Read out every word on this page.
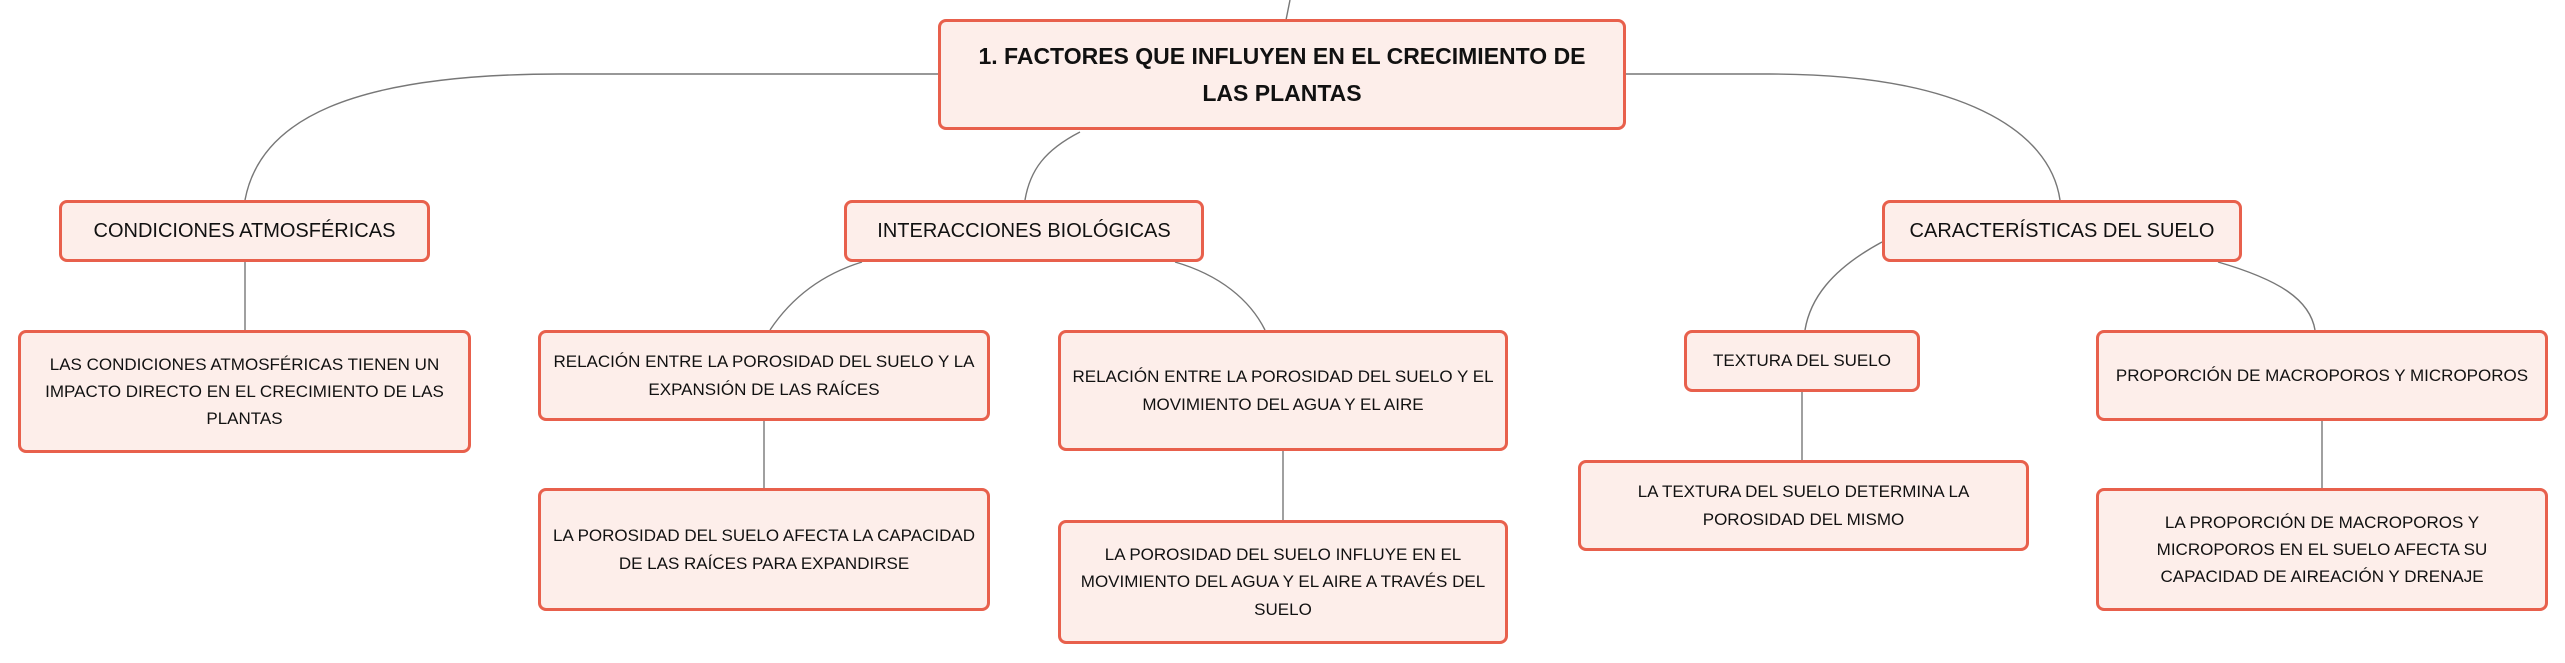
1. FACTORES QUE INFLUYEN EN EL CRECIMIENTO DE LAS PLANTAS
CONDICIONES ATMOSFÉRICAS
LAS CONDICIONES ATMOSFÉRICAS TIENEN UN IMPACTO DIRECTO EN EL CRECIMIENTO DE LAS PLANTAS
INTERACCIONES BIOLÓGICAS
RELACIÓN ENTRE LA POROSIDAD DEL SUELO Y LA EXPANSIÓN DE LAS RAÍCES
LA POROSIDAD DEL SUELO AFECTA LA CAPACIDAD DE LAS RAÍCES PARA EXPANDIRSE
RELACIÓN ENTRE LA POROSIDAD DEL SUELO Y EL MOVIMIENTO DEL AGUA Y EL AIRE
LA POROSIDAD DEL SUELO INFLUYE EN EL MOVIMIENTO DEL AGUA Y EL AIRE A TRAVÉS DEL SUELO
CARACTERÍSTICAS DEL SUELO
TEXTURA DEL SUELO
LA TEXTURA DEL SUELO DETERMINA LA POROSIDAD DEL MISMO
PROPORCIÓN DE MACROPOROS Y MICROPOROS
LA PROPORCIÓN DE MACROPOROS Y MICROPOROS EN EL SUELO AFECTA SU CAPACIDAD DE AIREACIÓN Y DRENAJE
